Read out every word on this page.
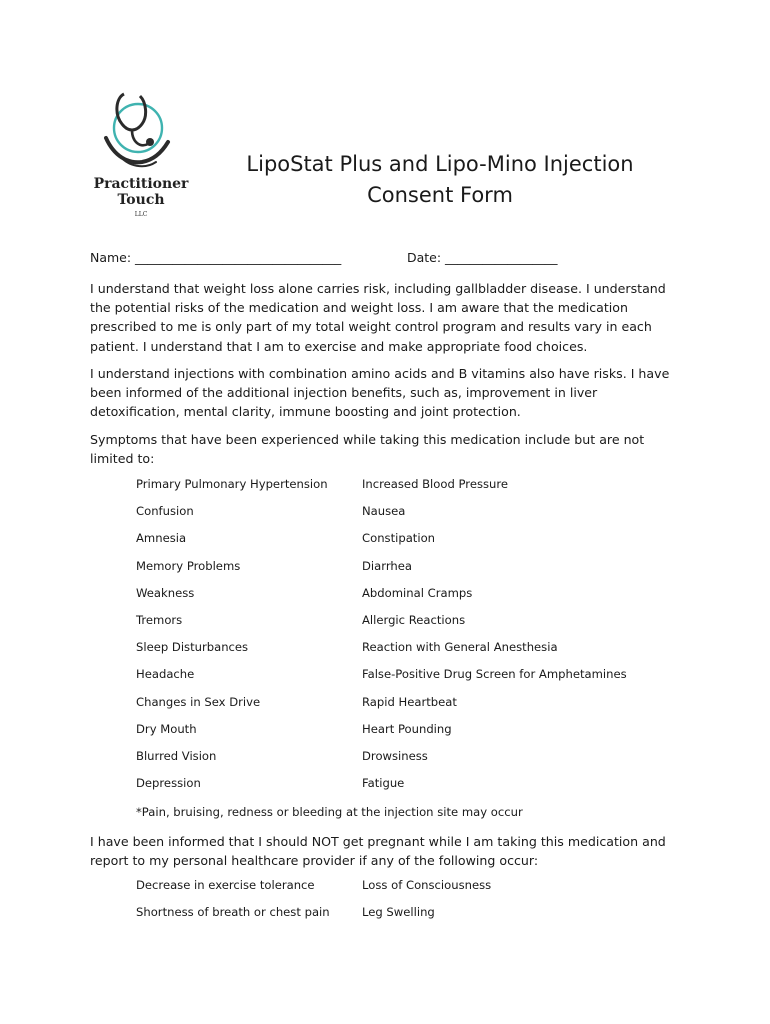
Practitioner
Touch
LLC
LipoStat Plus and Lipo-Mino Injection
Consent Form
Name: _________________________________	Date: __________________

I understand that weight loss alone carries risk, including gallbladder disease. I understand the potential risks of the medication and weight loss. I am aware that the medication prescribed to me is only part of my total weight control program and results vary in each patient. I understand that I am to exercise and make appropriate food choices.

I understand injections with combination amino acids and B vitamins also have risks. I have been informed of the additional injection benefits, such as, improvement in liver detoxification, mental clarity, immune boosting and joint protection.

Symptoms that have been experienced while taking this medication include but are not limited to:

Primary Pulmonary Hypertension	Increased Blood Pressure
Confusion	Nausea
Amnesia	Constipation
Memory Problems	Diarrhea
Weakness	Abdominal Cramps
Tremors	Allergic Reactions
Sleep Disturbances	Reaction with General Anesthesia
Headache	False-Positive Drug Screen for Amphetamines
Changes in Sex Drive	Rapid Heartbeat
Dry Mouth	Heart Pounding
Blurred Vision	Drowsiness
Depression	Fatigue
*Pain, bruising, redness or bleeding at the injection site may occur

I have been informed that I should NOT get pregnant while I am taking this medication and report to my personal healthcare provider if any of the following occur:

Decrease in exercise tolerance	Loss of Consciousness
Shortness of breath or chest pain	Leg Swelling
